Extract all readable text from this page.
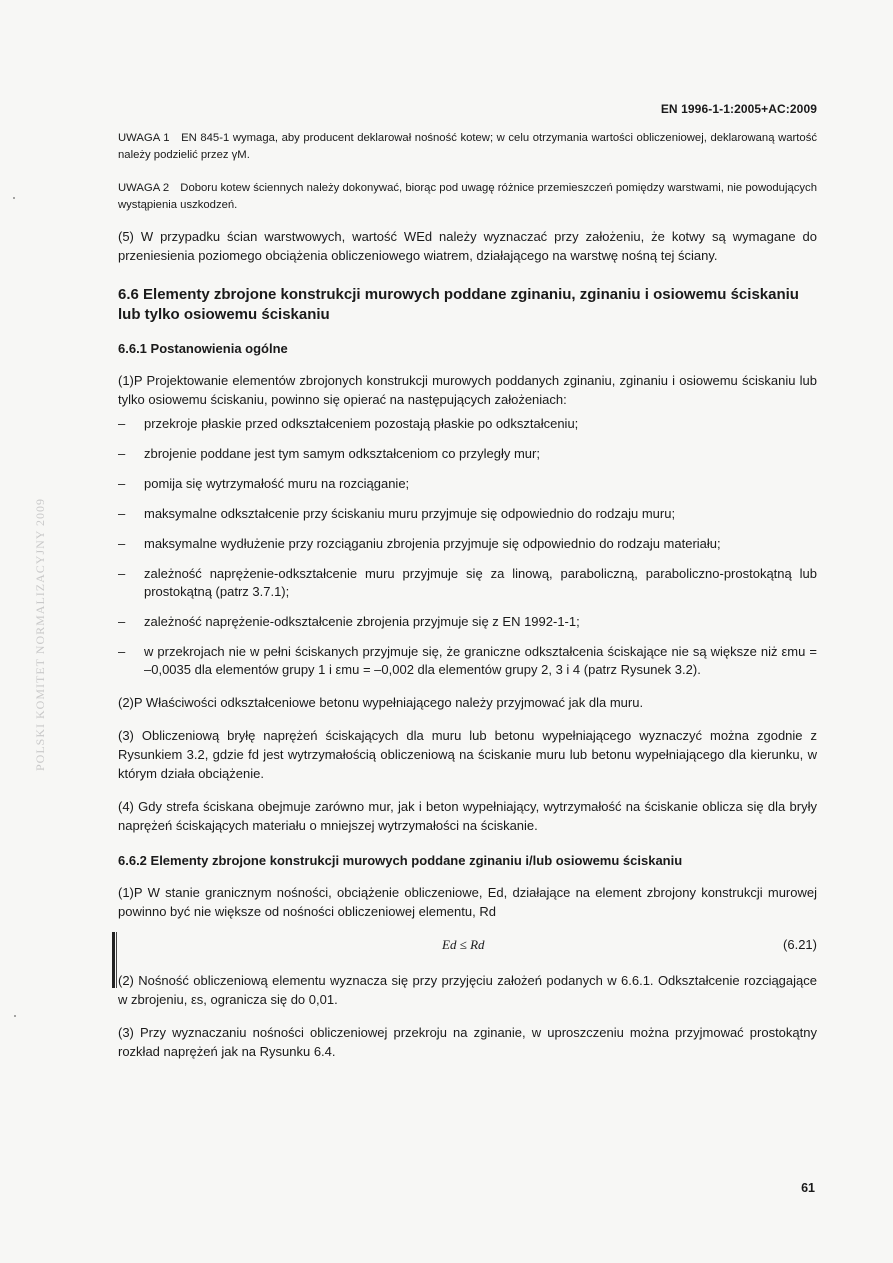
EN 1996-1-1:2005+AC:2009
POLSKI KOMITET NORMALIZACYJNY 2009
UWAGA 1 EN 845-1 wymaga, aby producent deklarował nośność kotew; w celu otrzymania wartości obliczeniowej, deklarowaną wartość należy podzielić przez γM.
UWAGA 2 Doboru kotew ściennych należy dokonywać, biorąc pod uwagę różnice przemieszczeń pomiędzy warstwami, nie powodujących wystąpienia uszkodzeń.
(5) W przypadku ścian warstwowych, wartość WEd należy wyznaczać przy założeniu, że kotwy są wymagane do przeniesienia poziomego obciążenia obliczeniowego wiatrem, działającego na warstwę nośną tej ściany.
6.6 Elementy zbrojone konstrukcji murowych poddane zginaniu, zginaniu i osiowemu ściskaniu lub tylko osiowemu ściskaniu
6.6.1 Postanowienia ogólne
(1)P Projektowanie elementów zbrojonych konstrukcji murowych poddanych zginaniu, zginaniu i osiowemu ściskaniu lub tylko osiowemu ściskaniu, powinno się opierać na następujących założeniach:
– przekroje płaskie przed odkształceniem pozostają płaskie po odkształceniu;
– zbrojenie poddane jest tym samym odkształceniom co przyległy mur;
– pomija się wytrzymałość muru na rozciąganie;
– maksymalne odkształcenie przy ściskaniu muru przyjmuje się odpowiednio do rodzaju muru;
– maksymalne wydłużenie przy rozciąganiu zbrojenia przyjmuje się odpowiednio do rodzaju materiału;
– zależność naprężenie-odkształcenie muru przyjmuje się za linową, paraboliczną, paraboliczno-prostokątną lub prostokątną (patrz 3.7.1);
– zależność naprężenie-odkształcenie zbrojenia przyjmuje się z EN 1992-1-1;
– w przekrojach nie w pełni ściskanych przyjmuje się, że graniczne odkształcenia ściskające nie są większe niż εmu = –0,0035 dla elementów grupy 1 i εmu = –0,002 dla elementów grupy 2, 3 i 4 (patrz Rysunek 3.2).
(2)P Właściwości odkształceniowe betonu wypełniającego należy przyjmować jak dla muru.
(3) Obliczeniową bryłę naprężeń ściskających dla muru lub betonu wypełniającego wyznaczyć można zgodnie z Rysunkiem 3.2, gdzie fd jest wytrzymałością obliczeniową na ściskanie muru lub betonu wypełniającego dla kierunku, w którym działa obciążenie.
(4) Gdy strefa ściskana obejmuje zarówno mur, jak i beton wypełniający, wytrzymałość na ściskanie oblicza się dla bryły naprężeń ściskających materiału o mniejszej wytrzymałości na ściskanie.
6.6.2 Elementy zbrojone konstrukcji murowych poddane zginaniu i/lub osiowemu ściskaniu
(1)P W stanie granicznym nośności, obciążenie obliczeniowe, Ed, działające na element zbrojony konstrukcji murowej powinno być nie większe od nośności obliczeniowej elementu, Rd
Ed ≤ Rd	(6.21)
(2) Nośność obliczeniową elementu wyznacza się przy przyjęciu założeń podanych w 6.6.1. Odkształcenie rozciągające w zbrojeniu, εs, ogranicza się do 0,01.
(3) Przy wyznaczaniu nośności obliczeniowej przekroju na zginanie, w uproszczeniu można przyjmować prostokątny rozkład naprężeń jak na Rysunku 6.4.
61
